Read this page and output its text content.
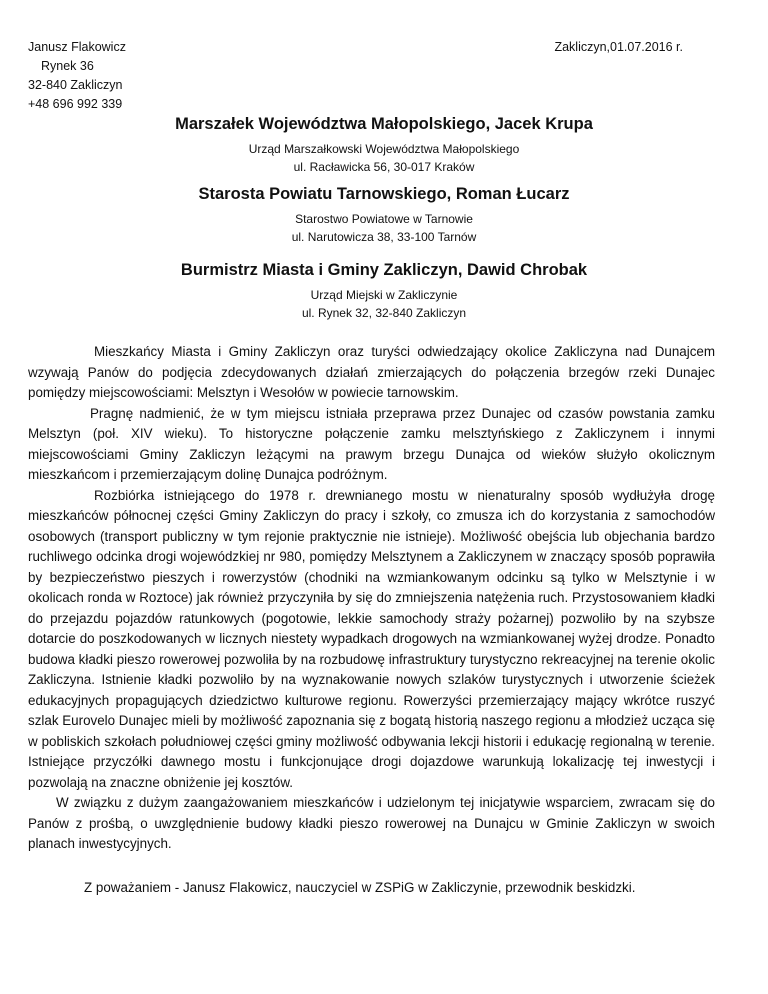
Janusz Flakowicz
Rynek 36
32-840 Zakliczyn
+48 696 992 339
Zakliczyn,01.07.2016 r.
Marszałek Województwa Małopolskiego, Jacek Krupa
Urząd Marszałkowski Województwa Małopolskiego
ul. Racławicka 56, 30-017 Kraków
Starosta Powiatu Tarnowskiego, Roman Łucarz
Starostwo Powiatowe w Tarnowie
ul. Narutowicza 38, 33-100 Tarnów
Burmistrz Miasta i Gminy Zakliczyn, Dawid Chrobak
Urząd Miejski w Zakliczynie
ul. Rynek 32, 32-840 Zakliczyn

Mieszkańcy Miasta i Gminy Zakliczyn oraz turyści odwiedzający okolice Zakliczyna nad Dunajcem wzywają Panów do podjęcia zdecydowanych działań zmierzających do połączenia brzegów rzeki Dunajec pomiędzy miejscowościami: Melsztyn i Wesołów w powiecie tarnowskim.

Pragnę nadmienić, że w tym miejscu istniała przeprawa przez Dunajec od czasów powstania zamku Melsztyn (poł. XIV wieku). To historyczne połączenie zamku melsztyńskiego z Zakliczynem i innymi miejscowościami Gminy Zakliczyn leżącymi na prawym brzegu Dunajca od wieków służyło okolicznym mieszkańcom i przemierzającym dolinę Dunajca podróżnym.

Rozbiórka istniejącego do 1978 r. drewnianego mostu w nienaturalny sposób wydłużyła drogę mieszkańców północnej części Gminy Zakliczyn do pracy i szkoły, co zmusza ich do korzystania z samochodów osobowych (transport publiczny w tym rejonie praktycznie nie istnieje). Możliwość obejścia lub objechania bardzo ruchliwego odcinka drogi wojewódzkiej nr 980, pomiędzy Melsztynem a Zakliczynem w znaczący sposób poprawiła by bezpieczeństwo pieszych i rowerzystów (chodniki na wzmiankowanym odcinku są tylko w Melsztynie i w okolicach ronda w Roztoce) jak również przyczyniła by się do zmniejszenia natężenia ruch. Przystosowaniem kładki do przejazdu pojazdów ratunkowych (pogotowie, lekkie samochody straży pożarnej) pozwoliło by na szybsze dotarcie do poszkodowanych w licznych niestety wypadkach drogowych na wzmiankowanej wyżej drodze. Ponadto budowa kładki pieszo rowerowej pozwoliła by na rozbudowę infrastruktury turystyczno rekreacyjnej na terenie okolic Zakliczyna. Istnienie kładki pozwoliło by na wyznakowanie nowych szlaków turystycznych i utworzenie ścieżek edukacyjnych propagujących dziedzictwo kulturowe regionu. Rowerzyści przemierzający mający wkrótce ruszyć szlak Eurovelo Dunajec mieli by możliwość zapoznania się z bogatą historią naszego regionu a młodzież ucząca się w pobliskich szkołach południowej części gminy możliwość odbywania lekcji historii i edukację regionalną w terenie. Istniejące przyczółki dawnego mostu i funkcjonujące drogi dojazdowe warunkują lokalizację tej inwestycji i pozwolają na znaczne obniżenie jej kosztów.

W związku z dużym zaangażowaniem mieszkańców i udzielonym tej inicjatywie wsparciem, zwracam się do Panów z prośbą, o uwzględnienie budowy kładki pieszo rowerowej na Dunajcu w Gminie Zakliczyn w swoich planach inwestycyjnych.

Z poważaniem - Janusz Flakowicz, nauczyciel w ZSPiG w Zakliczynie, przewodnik beskidzki.
